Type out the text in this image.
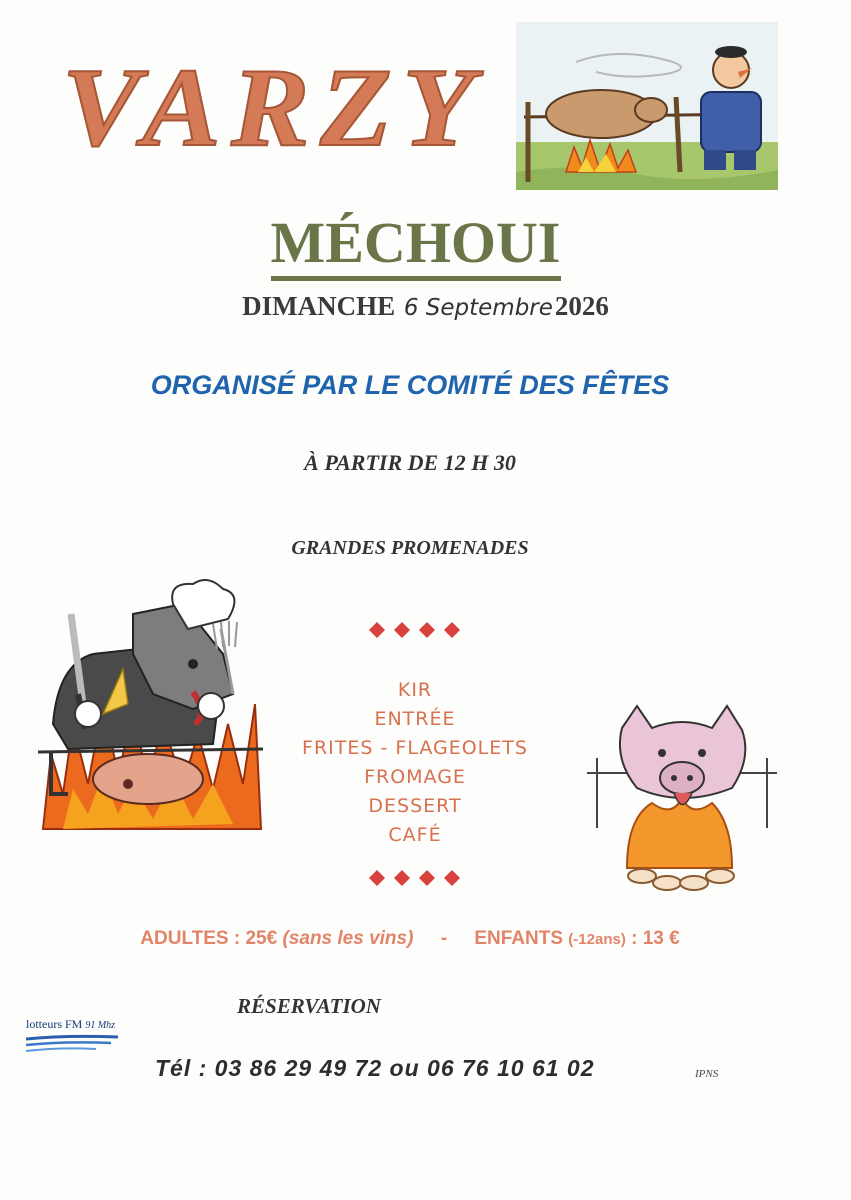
VARZY
MÉCHOUI
DIMANCHE 6 Septembre2026
ORGANISÉ PAR LE COMITÉ DES FÊTES
À PARTIR DE 12 H 30
GRANDES PROMENADES
KIR
ENTRÉE
FRITES - FLAGEOLETS
FROMAGE
DESSERT
CAFÉ
ADULTES : 25€ (sans les vins) - ENFANTS (-12ans) : 13 €
RÉSERVATION
lotteurs FM 91 Mhz
Tél : 03 86 29 49 72 ou 06 76 10 61 02	IPNS
